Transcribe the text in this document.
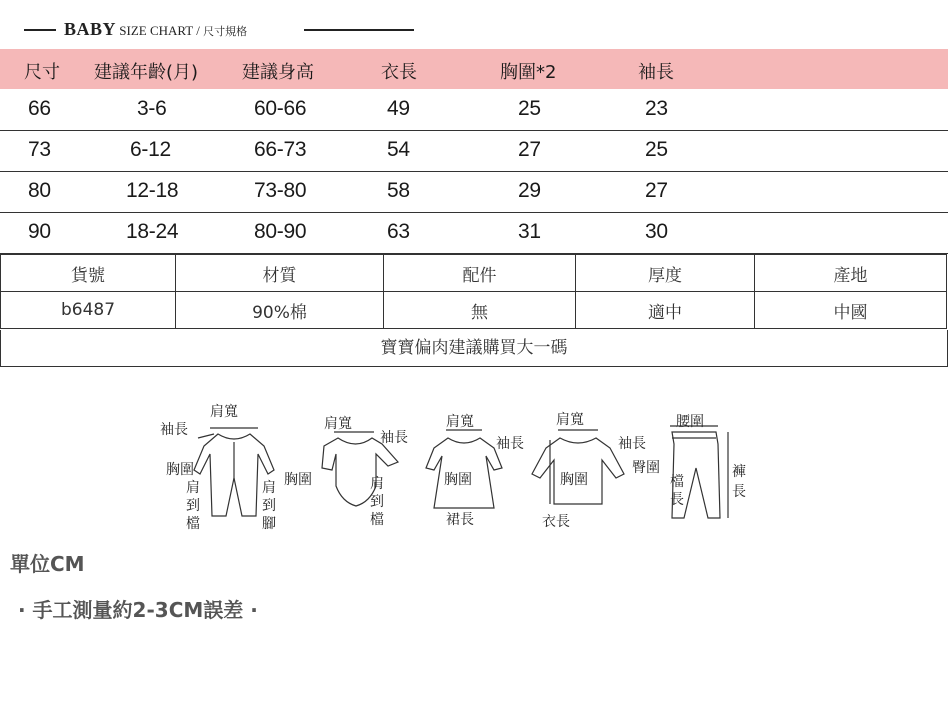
BABY SIZE CHART / 尺寸規格
尺寸 建議年齡(月) 建議身高	衣長	胸圍*2	袖長
66	3-6	60-66	49	25	23
73	6-12	66-73	54	27	25
80	12-18	73-80	58	29	27
90	18-24	80-90	63	31	30
貨號	材質	配件	厚度	產地
b6487	90%棉	無	適中	中國
寶寶偏肉建議購買大一碼
肩寬
袖長
胸圍
肩
到
檔
肩
到
腳
肩寬
袖長
胸圍	肩
到
檔
肩寬
胸圍
裙長
肩寬
袖長
胸圍
衣長
袖長
腰圍
臀圍
檔
長
褲
長
單位CM
· 手工測量約2-3CM誤差 ·
